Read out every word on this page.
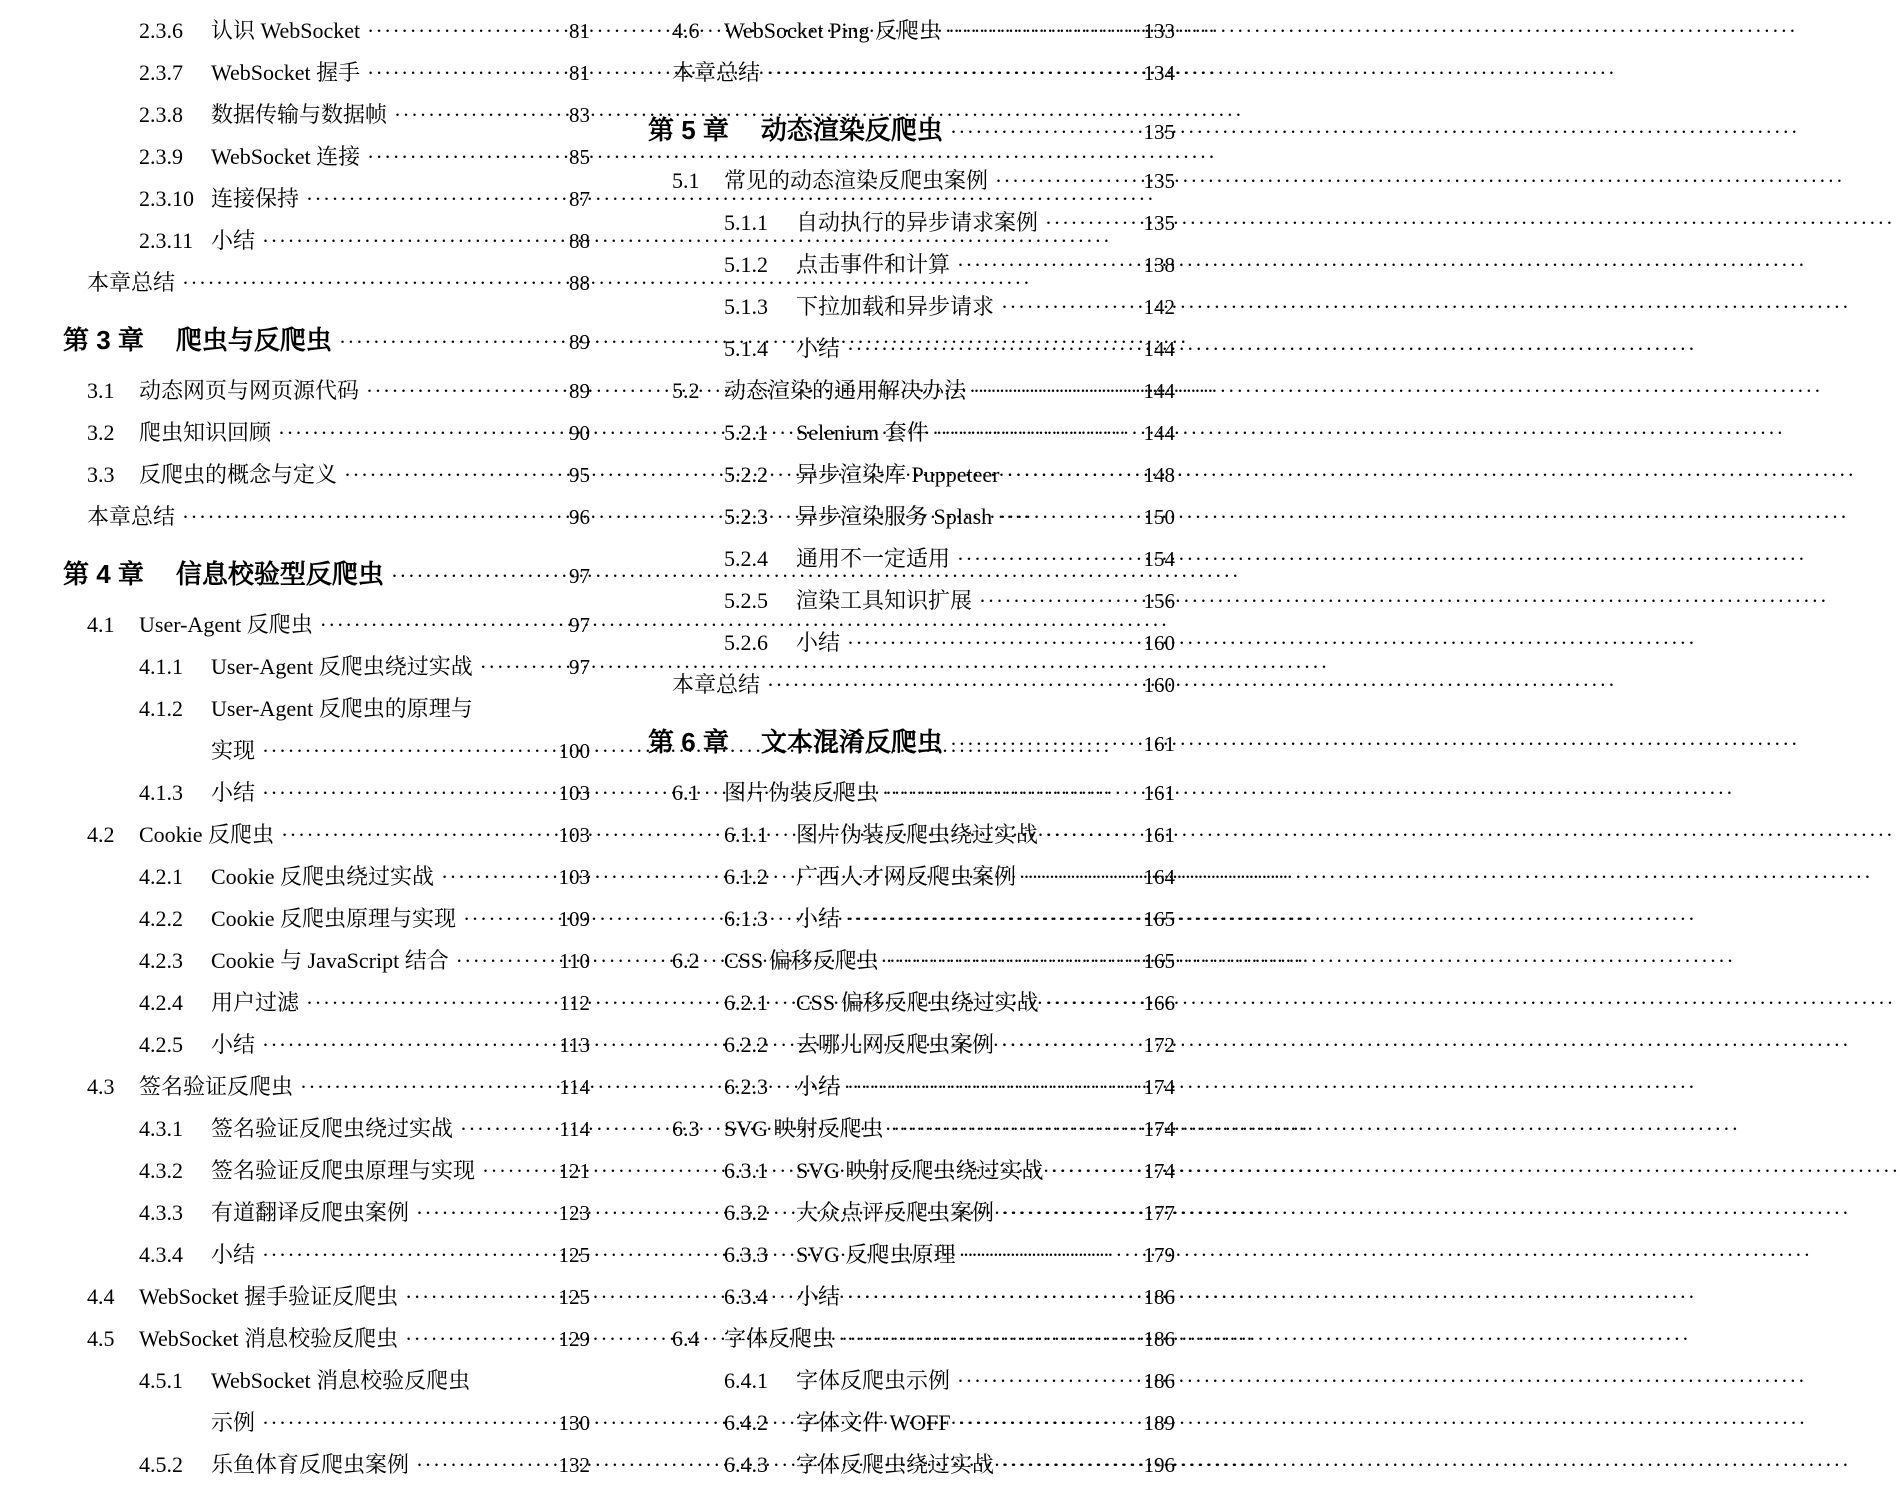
2.3.6	认识 WebSocket ·····	81
2.3.7	WebSocket 握手 ·····	81
2.3.8	数据传输与数据帧 ·····	83
2.3.9	WebSocket 连接 ·····	85
2.3.10 连接保持 ·····	87
2.3.11 小结 ·····	88
本章总结 ·····	88
第 3 章 爬虫与反爬虫 ·····	89
3.1 动态网页与网页源代码 ·····	89
3.2 爬虫知识回顾 ·····	90
3.3 反爬虫的概念与定义 ·····	95
本章总结 ·····	96
第 4 章 信息校验型反爬虫 ·····	97
4.1 User-Agent 反爬虫 ·····	97
4.1.1	User-Agent 反爬虫绕过实战 ·····	97
4.1.2	User-Agent 反爬虫的原理与
实现 ·····	100
4.1.3	小结 ·····	103
4.2 Cookie 反爬虫 ·····	103
4.2.1	Cookie 反爬虫绕过实战 ·····	103
4.2.2	Cookie 反爬虫原理与实现 ·····	109
4.2.3	Cookie 与 JavaScript 结合 ·····	110
4.2.4	用户过滤 ·····	112
4.2.5	小结 ·····	113
4.3 签名验证反爬虫 ·····	114
4.3.1	签名验证反爬虫绕过实战 ·····	114
4.3.2	签名验证反爬虫原理与实现 ·····	121
4.3.3	有道翻译反爬虫案例 ·····	123
4.3.4	小结 ·····	125
4.4 WebSocket 握手验证反爬虫 ·····	125
4.5 WebSocket 消息校验反爬虫 ·····	129
4.5.1	WebSocket 消息校验反爬虫
示例 ·····	130
4.5.2	乐鱼体育反爬虫案例 ·····	132
4.6 WebSocket Ping 反爬虫 ·····	133
本章总结 ·····	134
第 5 章 动态渲染反爬虫 ·····	135
5.1 常见的动态渲染反爬虫案例 ·····	135
5.1.1	自动执行的异步请求案例 ·····	135
5.1.2	点击事件和计算 ·····	138
5.1.3	下拉加载和异步请求 ·····	142
5.1.4	小结 ·····	144
5.2 动态渲染的通用解决办法 ·····	144
5.2.1	Selenium 套件 ·····	144
5.2.2	异步渲染库 Puppeteer ·····	148
5.2.3	异步渲染服务 Splash ·····	150
5.2.4	通用不一定适用 ·····	154
5.2.5	渲染工具知识扩展 ·····	156
5.2.6	小结 ·····	160
本章总结 ·····	160
第 6 章 文本混淆反爬虫 ·····	161
6.1 图片伪装反爬虫 ·····	161
6.1.1	图片伪装反爬虫绕过实战 ·····	161
6.1.2	广西人才网反爬虫案例 ·····	164
6.1.3	小结 ·····	165
6.2 CSS 偏移反爬虫 ·····	165
6.2.1	CSS 偏移反爬虫绕过实战 ·····	166
6.2.2	去哪儿网反爬虫案例 ·····	172
6.2.3	小结 ·····	174
6.3 SVG 映射反爬虫 ·····	174
6.3.1	SVG 映射反爬虫绕过实战 ·····	174
6.3.2	大众点评反爬虫案例 ·····	177
6.3.3	SVG 反爬虫原理 ·····	179
6.3.4	小结 ·····	186
6.4 字体反爬虫 ·····	186
6.4.1	字体反爬虫示例 ·····	186
6.4.2	字体文件 WOFF ·····	189
6.4.3	字体反爬虫绕过实战 ·····	196
